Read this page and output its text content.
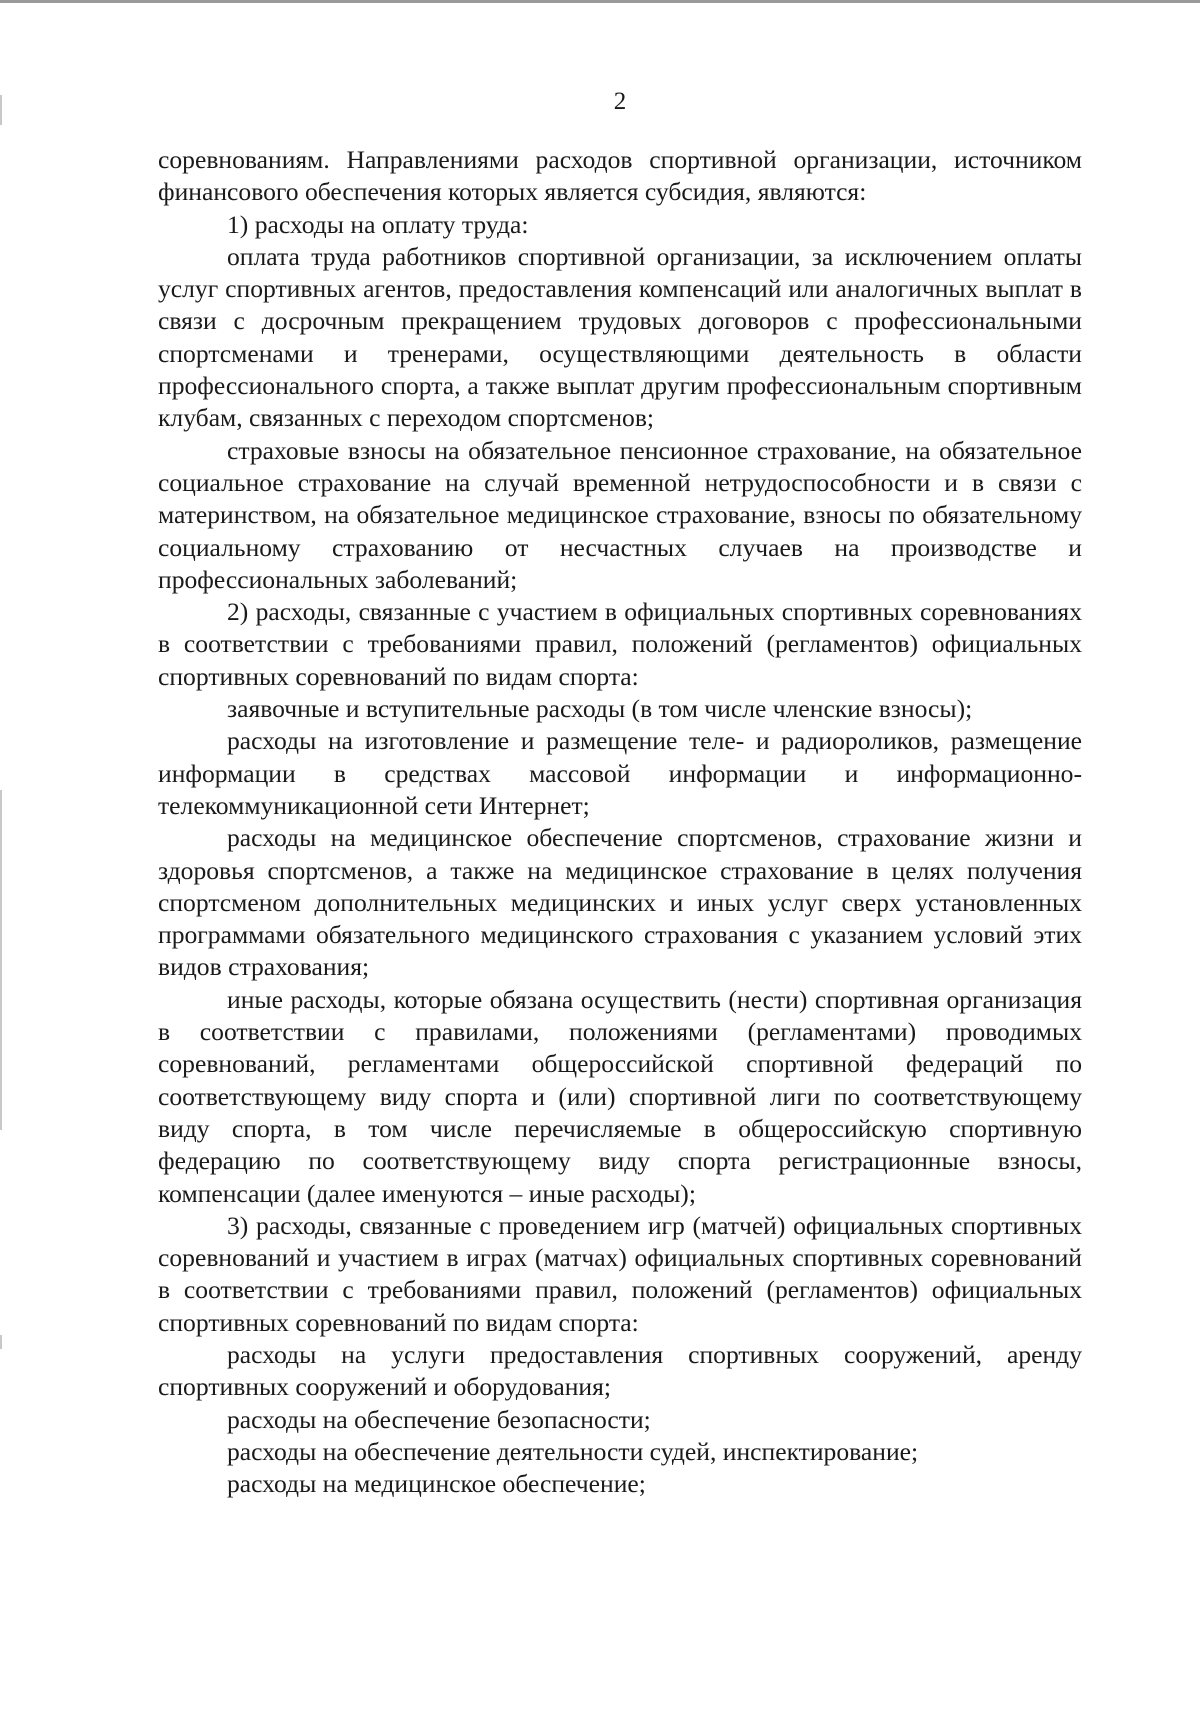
2

соревнованиям. Направлениями расходов спортивной организации, источником финансового обеспечения которых является субсидия, являются:

1) расходы на оплату труда:

оплата труда работников спортивной организации, за исключением оплаты услуг спортивных агентов, предоставления компенсаций или аналогичных выплат в связи с досрочным прекращением трудовых договоров с профессиональными спортсменами и тренерами, осуществляющими деятельность в области профессионального спорта, а также выплат другим профессиональным спортивным клубам, связанных с переходом спортсменов;

страховые взносы на обязательное пенсионное страхование, на обязательное социальное страхование на случай временной нетрудоспособности и в связи с материнством, на обязательное медицинское страхование, взносы по обязательному социальному страхованию от несчастных случаев на производстве и профессиональных заболеваний;

2) расходы, связанные с участием в официальных спортивных соревнованиях в соответствии с требованиями правил, положений (регламентов) официальных спортивных соревнований по видам спорта:

заявочные и вступительные расходы (в том числе членские взносы);

расходы на изготовление и размещение теле- и радиороликов, размещение информации в средствах массовой информации и информационно-телекоммуникационной сети Интернет;

расходы на медицинское обеспечение спортсменов, страхование жизни и здоровья спортсменов, а также на медицинское страхование в целях получения спортсменом дополнительных медицинских и иных услуг сверх установленных программами обязательного медицинского страхования с указанием условий этих видов страхования;

иные расходы, которые обязана осуществить (нести) спортивная организация в соответствии с правилами, положениями (регламентами) проводимых соревнований, регламентами общероссийской спортивной федераций по соответствующему виду спорта и (или) спортивной лиги по соответствующему виду спорта, в том числе перечисляемые в общероссийскую спортивную федерацию по соответствующему виду спорта регистрационные взносы, компенсации (далее именуются – иные расходы);

3) расходы, связанные с проведением игр (матчей) официальных спортивных соревнований и участием в играх (матчах) официальных спортивных соревнований в соответствии с требованиями правил, положений (регламентов) официальных спортивных соревнований по видам спорта:

расходы на услуги предоставления спортивных сооружений, аренду спортивных сооружений и оборудования;

расходы на обеспечение безопасности;

расходы на обеспечение деятельности судей, инспектирование;

расходы на медицинское обеспечение;
